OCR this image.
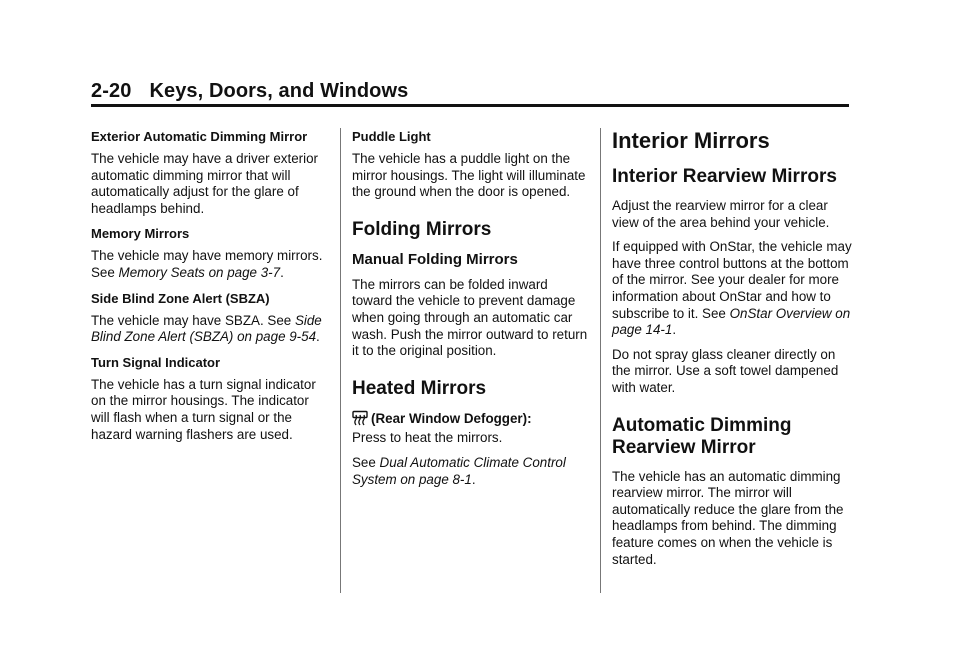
2-20 Keys, Doors, and Windows
Exterior Automatic Dimming Mirror

The vehicle may have a driver exterior automatic dimming mirror that will automatically adjust for the glare of headlamps behind.

Memory Mirrors

The vehicle may have memory mirrors. See Memory Seats on page 3-7.

Side Blind Zone Alert (SBZA)

The vehicle may have SBZA. See Side Blind Zone Alert (SBZA) on page 9-54.

Turn Signal Indicator

The vehicle has a turn signal indicator on the mirror housings. The indicator will flash when a turn signal or the hazard warning flashers are used.

Puddle Light

The vehicle has a puddle light on the mirror housings. The light will illuminate the ground when the door is opened.

Folding Mirrors
Manual Folding Mirrors

The mirrors can be folded inward toward the vehicle to prevent damage when going through an automatic car wash. Push the mirror outward to return it to the original position.

Heated Mirrors

(Rear Window Defogger):
Press to heat the mirrors.

See Dual Automatic Climate Control System on page 8-1.

Interior Mirrors
Interior Rearview Mirrors

Adjust the rearview mirror for a clear view of the area behind your vehicle.

If equipped with OnStar, the vehicle may have three control buttons at the bottom of the mirror. See your dealer for more information about OnStar and how to subscribe to it. See OnStar Overview on page 14-1.

Do not spray glass cleaner directly on the mirror. Use a soft towel dampened with water.

Automatic Dimming Rearview Mirror

The vehicle has an automatic dimming rearview mirror. The mirror will automatically reduce the glare from the headlamps from behind. The dimming feature comes on when the vehicle is started.
